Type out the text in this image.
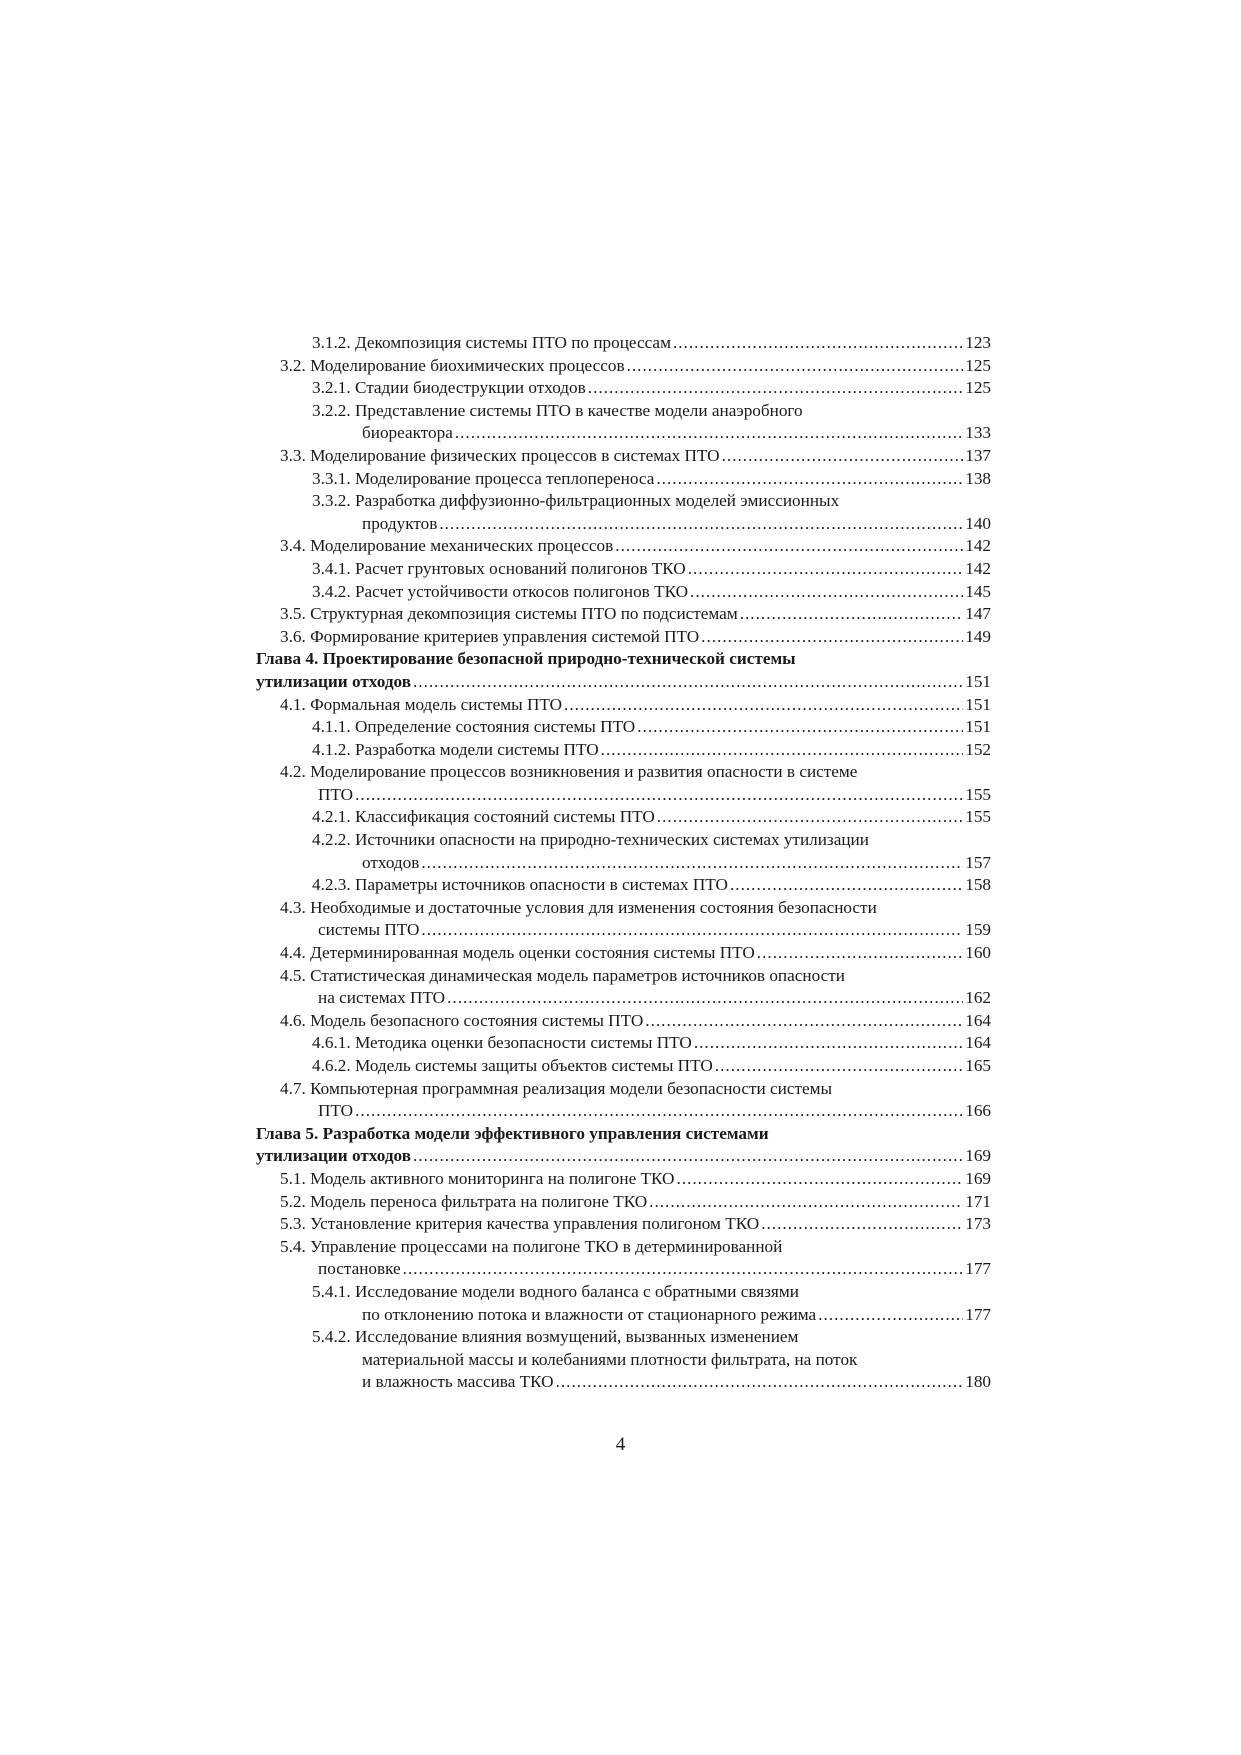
3.1.2. Декомпозиция системы ПТО по процессам .....	123
3.2. Моделирование биохимических процессов .....	125
3.2.1. Стадии биодеструкции отходов .....	125
3.2.2. Представление системы ПТО в качестве модели анаэробного
биореактора .....	133
3.3. Моделирование физических процессов в системах ПТО .....	137
3.3.1. Моделирование процесса теплопереноса .....	138
3.3.2. Разработка диффузионно-фильтрационных моделей эмиссионных
продуктов .....	140
3.4. Моделирование механических процессов .....	142
3.4.1. Расчет грунтовых оснований полигонов ТКО .....	142
3.4.2. Расчет устойчивости откосов полигонов ТКО .....	145
3.5. Структурная декомпозиция системы ПТО по подсистемам .....	147
3.6. Формирование критериев управления системой ПТО .....	149
Глава 4. Проектирование безопасной природно-технической системы
утилизации отходов .....	151
4.1. Формальная модель системы ПТО .....	151
4.1.1. Определение состояния системы ПТО .....	151
4.1.2. Разработка модели системы ПТО .....	152
4.2. Моделирование процессов возникновения и развития опасности в системе
ПТО .....	155
4.2.1. Классификация состояний системы ПТО .....	155
4.2.2. Источники опасности на природно-технических системах утилизации
отходов .....	157
4.2.3. Параметры источников опасности в системах ПТО .....	158
4.3. Необходимые и достаточные условия для изменения состояния безопасности
системы ПТО .....	159
4.4. Детерминированная модель оценки состояния системы ПТО .....	160
4.5. Статистическая динамическая модель параметров источников опасности
на системах ПТО .....	162
4.6. Модель безопасного состояния системы ПТО .....	164
4.6.1. Методика оценки безопасности системы ПТО .....	164
4.6.2. Модель системы защиты объектов системы ПТО .....	165
4.7. Компьютерная программная реализация модели безопасности системы
ПТО .....	166
Глава 5. Разработка модели эффективного управления системами
утилизации отходов .....	169
5.1. Модель активного мониторинга на полигоне ТКО .....	169
5.2. Модель переноса фильтрата на полигоне ТКО .....	171
5.3. Установление критерия качества управления полигоном ТКО .....	173
5.4. Управление процессами на полигоне ТКО в детерминированной
постановке .....	177
5.4.1. Исследование модели водного баланса с обратными связями
по отклонению потока и влажности от стационарного режима .....	177
5.4.2. Исследование влияния возмущений, вызванных изменением
материальной массы и колебаниями плотности фильтрата, на поток
и влажность массива ТКО .....	180
4
